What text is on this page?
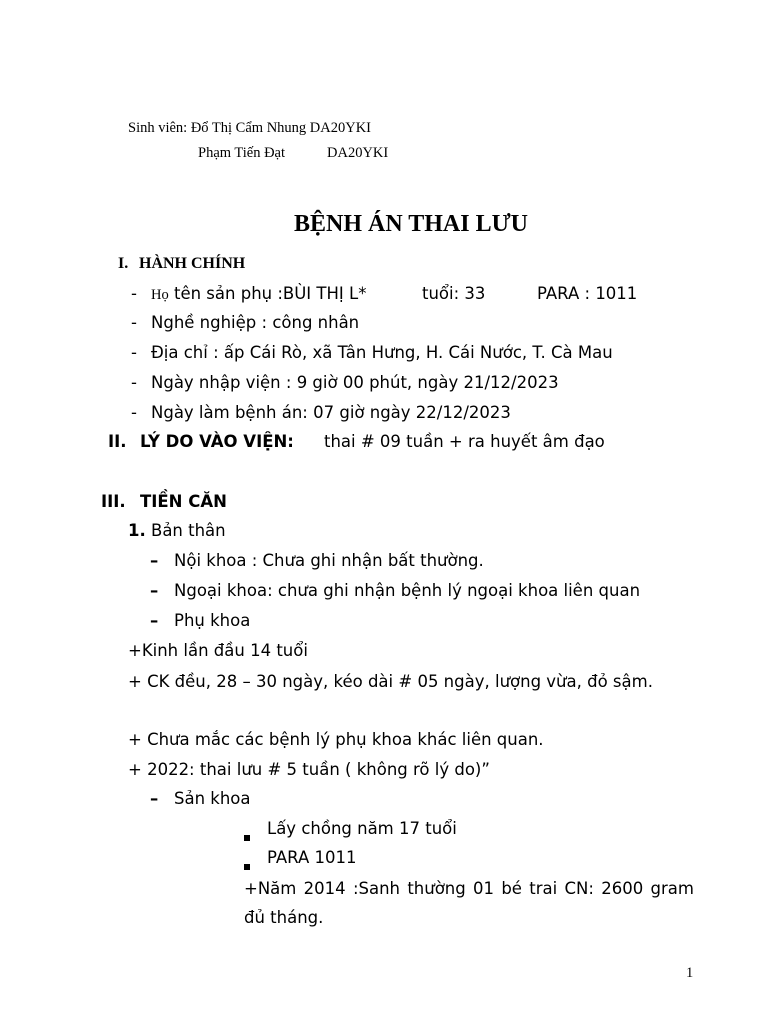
Sinh viên: Đổ Thị Cẩm Nhung DA20YKI
Phạm Tiến Đạt	DA20YKI
BỆNH ÁN THAI LƯU
I. HÀNH CHÍNH
- Họ tên sản phụ :BÙI THỊ L*	tuổi: 33	PARA : 1011
- Nghề nghiệp : công nhân
- Địa chỉ : ấp Cái Rò, xã Tân Hưng, H. Cái Nước, T. Cà Mau
- Ngày nhập viện : 9 giờ 00 phút, ngày 21/12/2023
- Ngày làm bệnh án: 07 giờ ngày 22/12/2023
II. LÝ DO VÀO VIỆN: thai # 09 tuần + ra huyết âm đạo
III. TIỀN CĂN
1. Bản thân
– Nội khoa : Chưa ghi nhận bất thường.
– Ngoại khoa: chưa ghi nhận bệnh lý ngoại khoa liên quan
– Phụ khoa
+Kinh lần đầu 14 tuổi
+ CK đều, 28 – 30 ngày, kéo dài # 05 ngày, lượng vừa, đỏ sậm.
+ Chưa mắc các bệnh lý phụ khoa khác liên quan.
+ 2022: thai lưu # 5 tuần ( không rõ lý do)”
– Sản khoa
Lấy chồng năm 17 tuổi
PARA 1011
+Năm 2014 :Sanh thường 01 bé trai CN: 2600 gram đủ tháng.
1
